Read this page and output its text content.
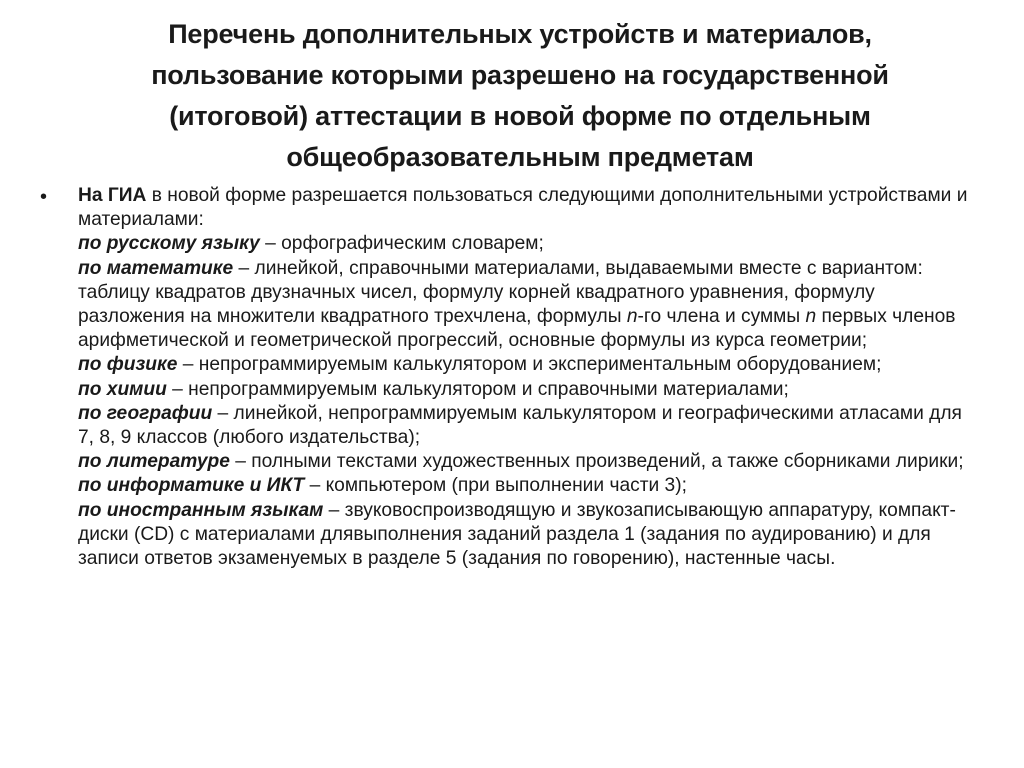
Перечень дополнительных устройств и материалов, пользование которыми разрешено на государственной (итоговой) аттестации в новой форме по отдельным общеобразовательным предметам
• На ГИА в новой форме разрешается пользоваться следующими дополнительными устройствами и материалами:
по русскому языку – орфографическим словарем;
по математике – линейкой, справочными материалами, выдаваемыми вместе с вариантом: таблицу квадратов двузначных чисел, формулу корней квадратного уравнения, формулу разложения на множители квадратного трехчлена, формулы n-го члена и суммы n первых членов арифметической и геометрической прогрессий, основные формулы из курса геометрии;
по физике – непрограммируемым калькулятором и экспериментальным оборудованием;
по химии – непрограммируемым калькулятором и справочными материалами;
по географии – линейкой, непрограммируемым калькулятором и географическими атласами для 7, 8, 9 классов (любого издательства);
по литературе – полными текстами художественных произведений, а также сборниками лирики;
по информатике и ИКТ – компьютером (при выполнении части 3);
по иностранным языкам – звуковоспроизводящую и звукозаписывающую аппаратуру, компакт-диски (CD) с материалами длявыполнения заданий раздела 1 (задания по аудированию) и для записи ответов экзаменуемых в разделе 5 (задания по говорению), настенные часы.
